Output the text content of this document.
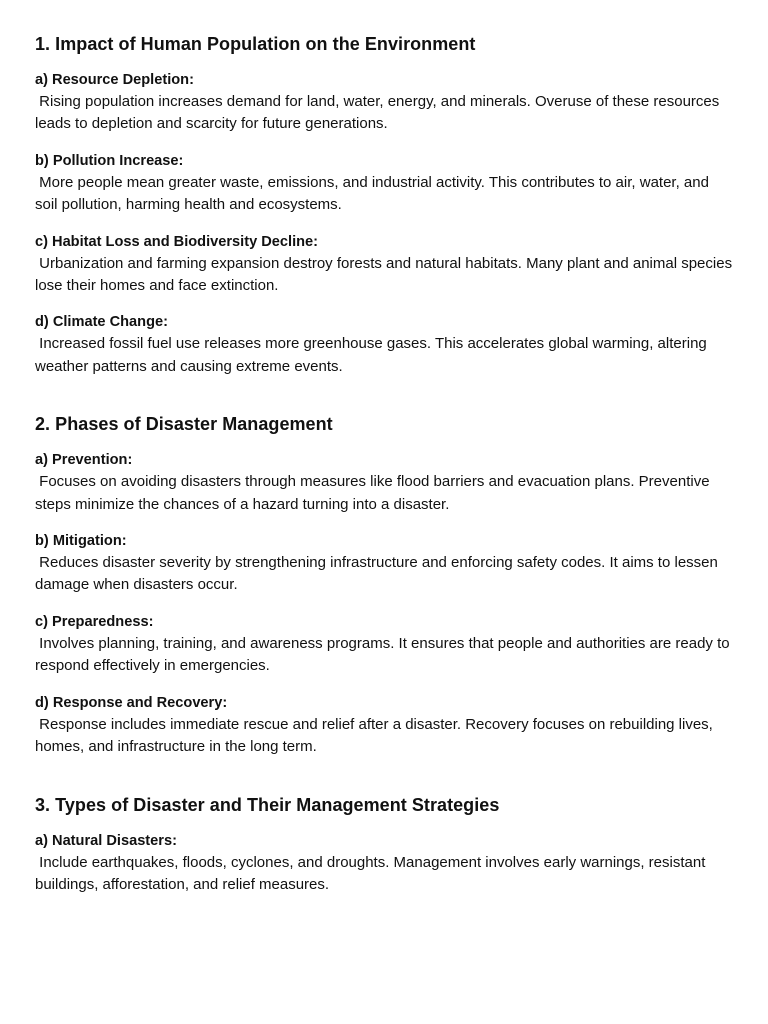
1. Impact of Human Population on the Environment

a) Resource Depletion:

Rising population increases demand for land, water, energy, and minerals. Overuse of these resources leads to depletion and scarcity for future generations.

b) Pollution Increase:

More people mean greater waste, emissions, and industrial activity. This contributes to air, water, and soil pollution, harming health and ecosystems.

c) Habitat Loss and Biodiversity Decline:

Urbanization and farming expansion destroy forests and natural habitats. Many plant and animal species lose their homes and face extinction.

d) Climate Change:

Increased fossil fuel use releases more greenhouse gases. This accelerates global warming, altering weather patterns and causing extreme events.

2. Phases of Disaster Management

a) Prevention:

Focuses on avoiding disasters through measures like flood barriers and evacuation plans. Preventive steps minimize the chances of a hazard turning into a disaster.

b) Mitigation:

Reduces disaster severity by strengthening infrastructure and enforcing safety codes. It aims to lessen damage when disasters occur.

c) Preparedness:

Involves planning, training, and awareness programs. It ensures that people and authorities are ready to respond effectively in emergencies.

d) Response and Recovery:

Response includes immediate rescue and relief after a disaster. Recovery focuses on rebuilding lives, homes, and infrastructure in the long term.

3. Types of Disaster and Their Management Strategies

a) Natural Disasters:

Include earthquakes, floods, cyclones, and droughts. Management involves early warnings, resistant buildings, afforestation, and relief measures.
